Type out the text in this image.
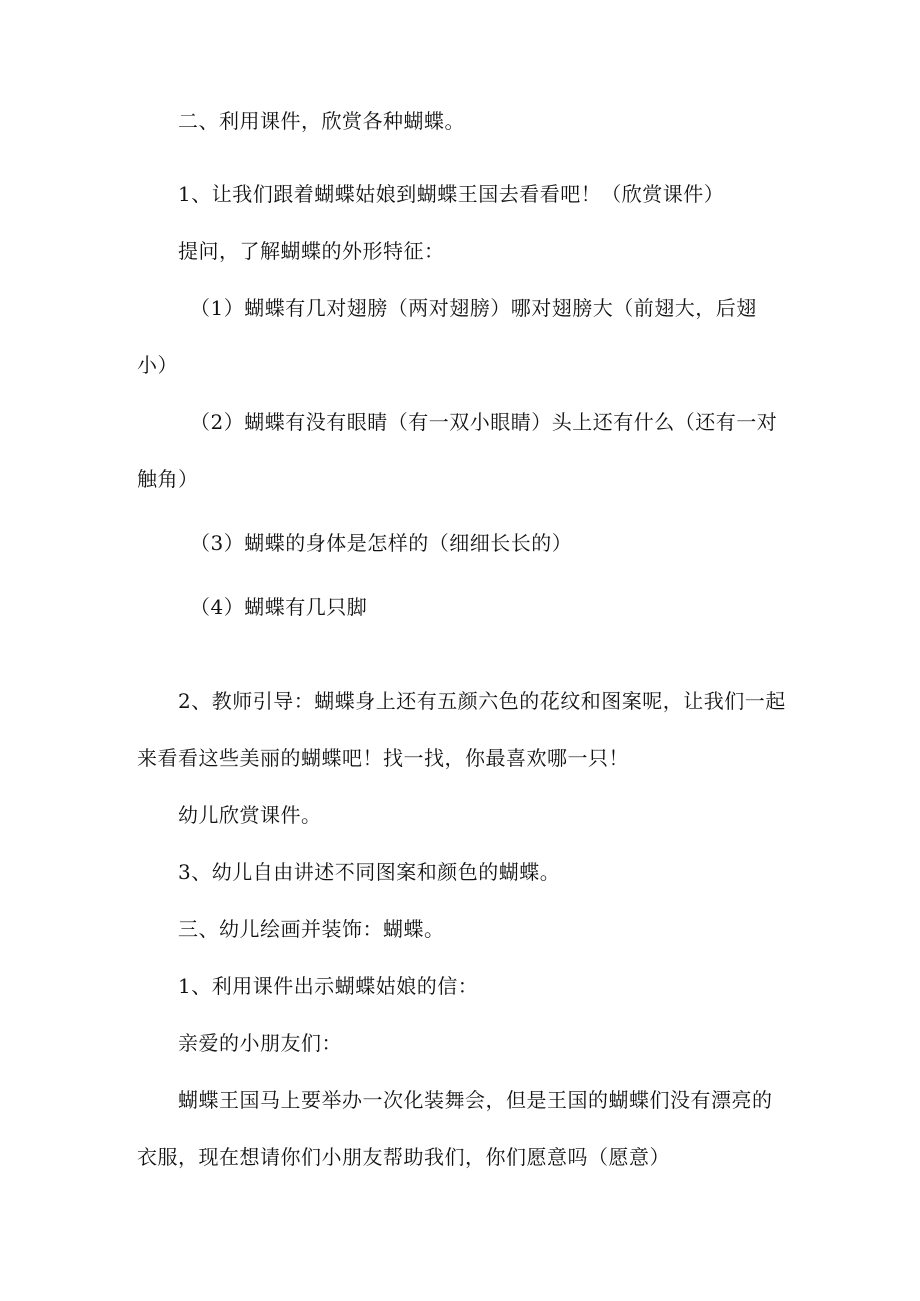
二、利用课件，欣赏各种蝴蝶。
1、让我们跟着蝴蝶姑娘到蝴蝶王国去看看吧！（欣赏课件）
提问，了解蝴蝶的外形特征：
（1）蝴蝶有几对翅膀（两对翅膀）哪对翅膀大（前翅大，后翅
小）
（2）蝴蝶有没有眼睛（有一双小眼睛）头上还有什么（还有一对
触角）
（3）蝴蝶的身体是怎样的（细细长长的）
（4）蝴蝶有几只脚
2、教师引导：蝴蝶身上还有五颜六色的花纹和图案呢，让我们一起
来看看这些美丽的蝴蝶吧！找一找，你最喜欢哪一只！
幼儿欣赏课件。
3、幼儿自由讲述不同图案和颜色的蝴蝶。
三、幼儿绘画并装饰：蝴蝶。
1、利用课件出示蝴蝶姑娘的信：
亲爱的小朋友们：
蝴蝶王国马上要举办一次化装舞会，但是王国的蝴蝶们没有漂亮的
衣服，现在想请你们小朋友帮助我们，你们愿意吗（愿意）
